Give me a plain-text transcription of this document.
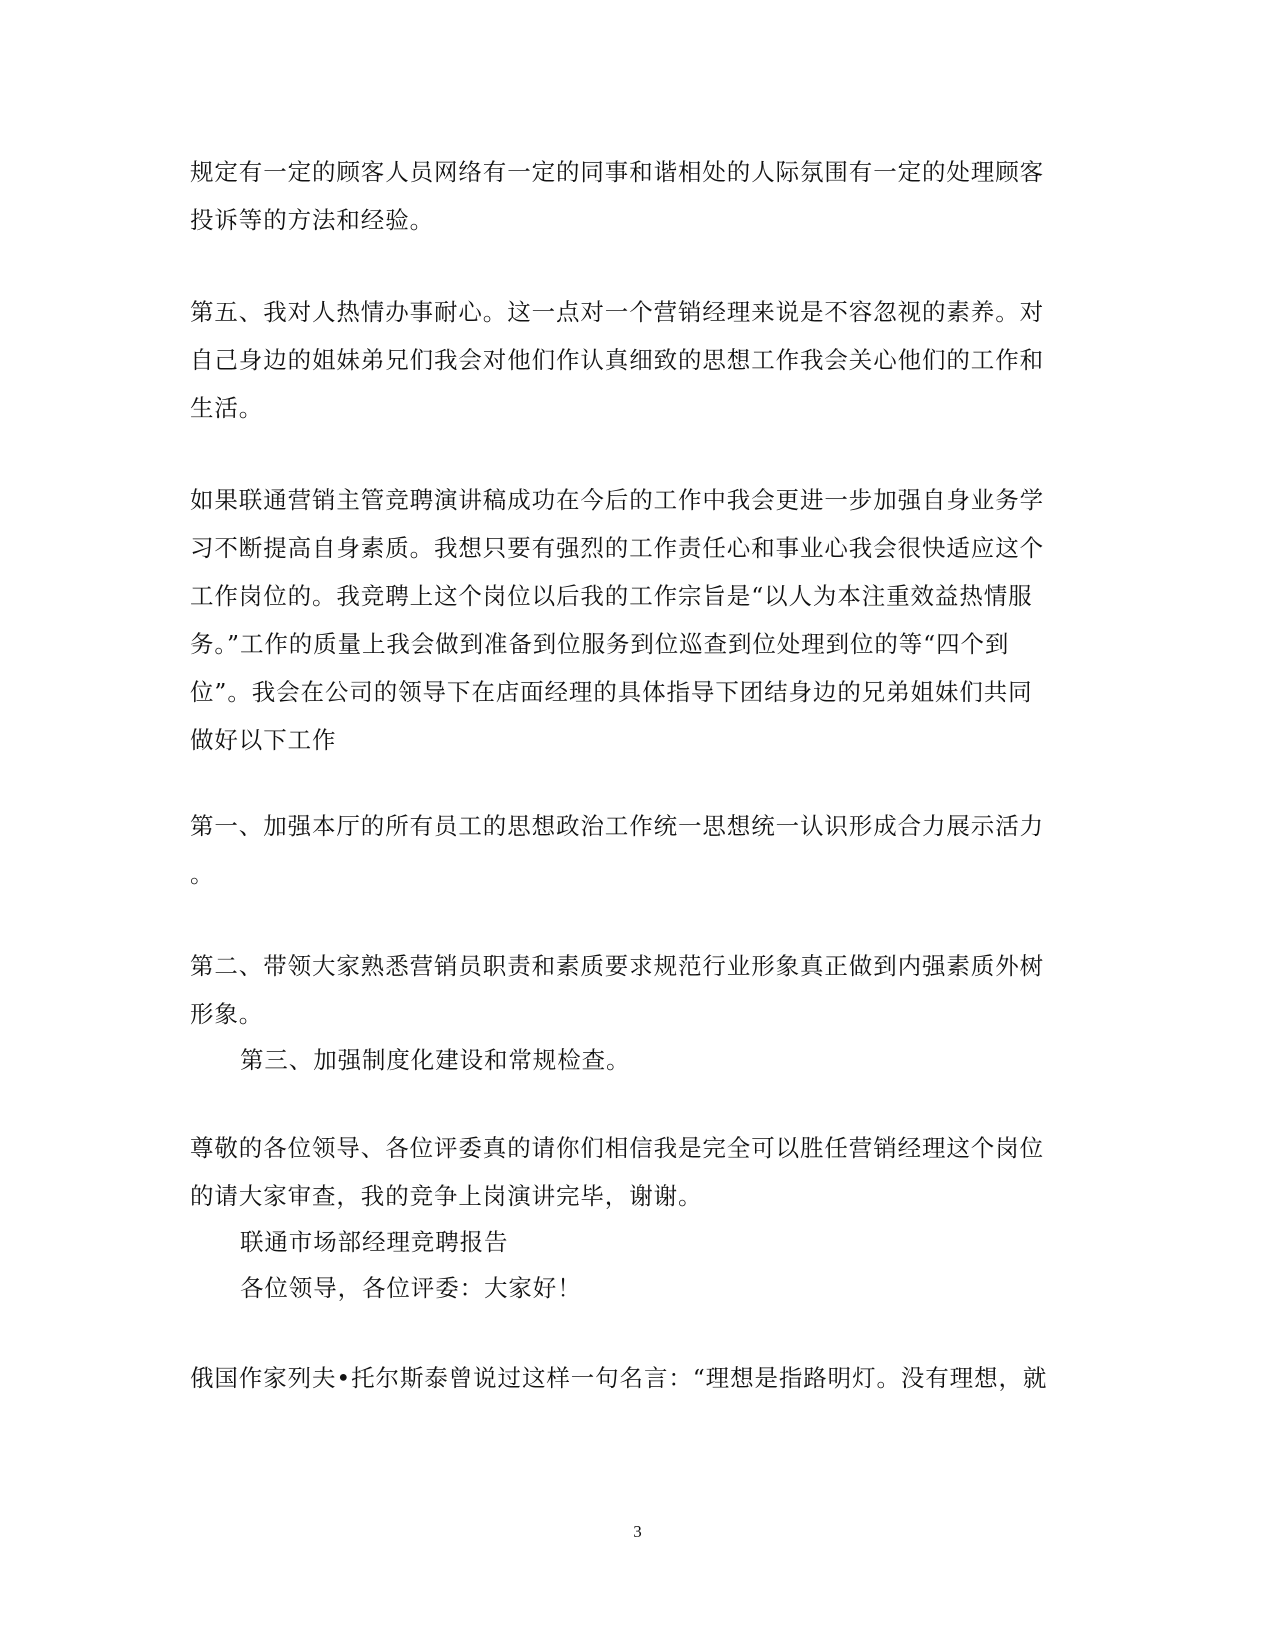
规定有一定的顾客人员网络有一定的同事和谐相处的人际氛围有一定的处理顾客
投诉等的方法和经验。

第五、我对人热情办事耐心。这一点对一个营销经理来说是不容忽视的素养。对
自己身边的姐妹弟兄们我会对他们作认真细致的思想工作我会关心他们的工作和
生活。

如果联通营销主管竞聘演讲稿成功在今后的工作中我会更进一步加强自身业务学
习不断提高自身素质。我想只要有强烈的工作责任心和事业心我会很快适应这个
工作岗位的。我竞聘上这个岗位以后我的工作宗旨是“以人为本注重效益热情服
务。”工作的质量上我会做到准备到位服务到位巡查到位处理到位的等“四个到
位”。我会在公司的领导下在店面经理的具体指导下团结身边的兄弟姐妹们共同
做好以下工作

第一、加强本厅的所有员工的思想政治工作统一思想统一认识形成合力展示活力
。

第二、带领大家熟悉营销员职责和素质要求规范行业形象真正做到内强素质外树
形象。

第三、加强制度化建设和常规检查。

尊敬的各位领导、各位评委真的请你们相信我是完全可以胜任营销经理这个岗位
的请大家审查，我的竞争上岗演讲完毕，谢谢。

联通市场部经理竞聘报告

各位领导，各位评委：大家好！

俄国作家列夫•托尔斯泰曾说过这样一句名言：“理想是指路明灯。没有理想，就

3
